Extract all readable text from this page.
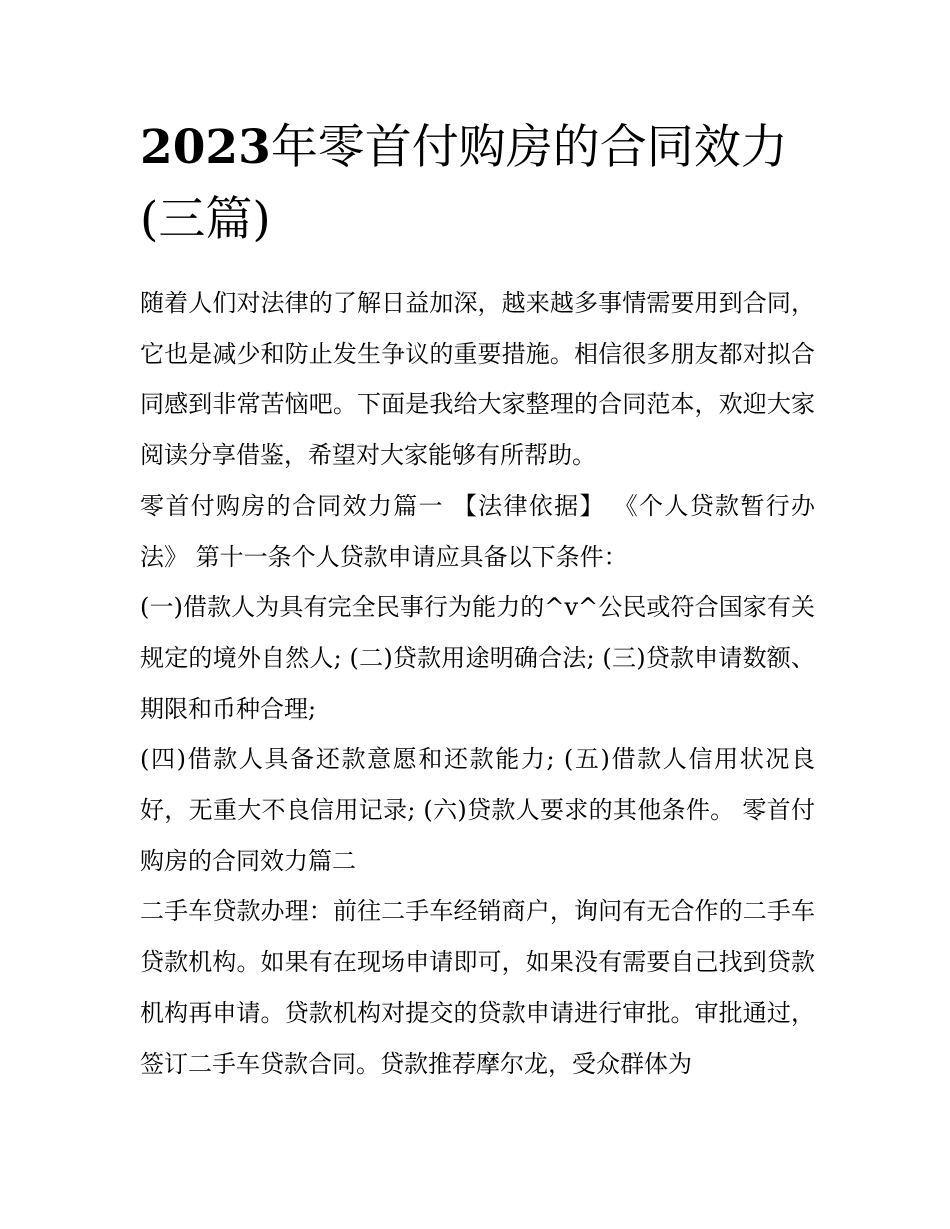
2023年零首付购房的合同效力(三篇)

随着人们对法律的了解日益加深，越来越多事情需要用到合同，它也是减少和防止发生争议的重要措施。相信很多朋友都对拟合同感到非常苦恼吧。下面是我给大家整理的合同范本，欢迎大家阅读分享借鉴，希望对大家能够有所帮助。

零首付购房的合同效力篇一 【法律依据】 《个人贷款暂行办法》 第十一条个人贷款申请应具备以下条件：

(一)借款人为具有完全民事行为能力的^v^公民或符合国家有关规定的境外自然人; (二)贷款用途明确合法; (三)贷款申请数额、期限和币种合理;

(四)借款人具备还款意愿和还款能力; (五)借款人信用状况良好，无重大不良信用记录; (六)贷款人要求的其他条件。 零首付购房的合同效力篇二

二手车贷款办理：前往二手车经销商户，询问有无合作的二手车贷款机构。如果有在现场申请即可，如果没有需要自己找到贷款机构再申请。贷款机构对提交的贷款申请进行审批。审批通过，签订二手车贷款合同。贷款推荐摩尔龙，受众群体为
